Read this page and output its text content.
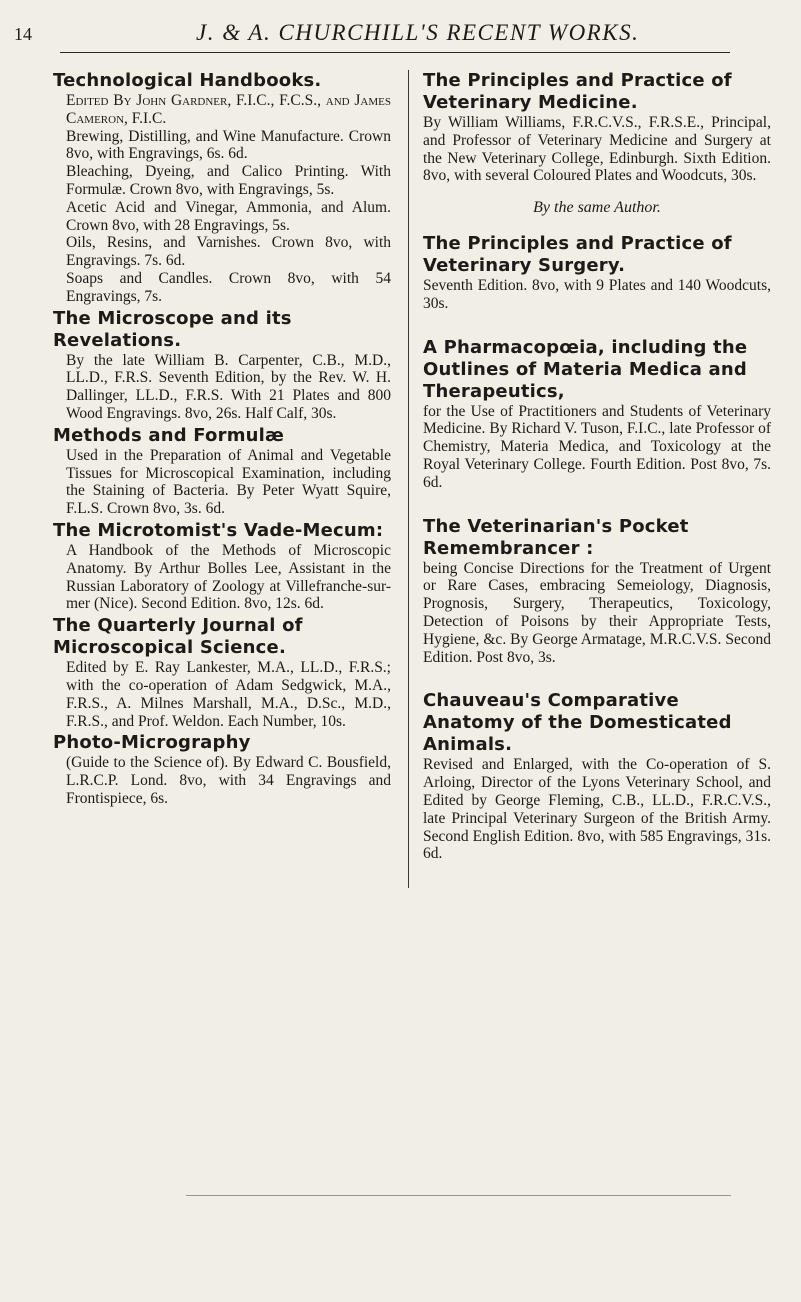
14	J. & A. CHURCHILL'S RECENT WORKS.
Technological Handbooks.

Edited By John Gardner, F.I.C., F.C.S., and James Cameron, F.I.C.

Brewing, Distilling, and Wine Manufacture. Crown 8vo, with Engravings, 6s. 6d.

Bleaching, Dyeing, and Calico Printing. With Formulæ. Crown 8vo, with Engravings, 5s.

Acetic Acid and Vinegar, Ammonia, and Alum. Crown 8vo, with 28 Engravings, 5s.

Oils, Resins, and Varnishes. Crown 8vo, with Engravings. 7s. 6d.

Soaps and Candles. Crown 8vo, with 54 Engravings, 7s.

The Microscope and its Revelations.

By the late William B. Carpenter, C.B., M.D., LL.D., F.R.S. Seventh Edition, by the Rev. W. H. Dallinger, LL.D., F.R.S. With 21 Plates and 800 Wood Engravings. 8vo, 26s. Half Calf, 30s.

Methods and Formulæ

Used in the Preparation of Animal and Vegetable Tissues for Microscopical Examination, including the Staining of Bacteria. By Peter Wyatt Squire, F.L.S. Crown 8vo, 3s. 6d.

The Microtomist's Vade-Mecum:

A Handbook of the Methods of Microscopic Anatomy. By Arthur Bolles Lee, Assistant in the Russian Laboratory of Zoology at Villefranche-sur-mer (Nice). Second Edition. 8vo, 12s. 6d.

The Quarterly Journal of Microscopical Science.

Edited by E. Ray Lankester, M.A., LL.D., F.R.S.; with the co-operation of Adam Sedgwick, M.A., F.R.S., A. Milnes Marshall, M.A., D.Sc., M.D., F.R.S., and Prof. Weldon. Each Number, 10s.

Photo-Micrography

(Guide to the Science of). By Edward C. Bousfield, L.R.C.P. Lond. 8vo, with 34 Engravings and Frontispiece, 6s.

The Principles and Practice of Veterinary Medicine.

By William Williams, F.R.C.V.S., F.R.S.E., Principal, and Professor of Veterinary Medicine and Surgery at the New Veterinary College, Edinburgh. Sixth Edition. 8vo, with several Coloured Plates and Woodcuts, 30s.

By the same Author.
The Principles and Practice of Veterinary Surgery.

Seventh Edition. 8vo, with 9 Plates and 140 Woodcuts, 30s.

A Pharmacopœia, including the Outlines of Materia Medica and Therapeutics,

for the Use of Practitioners and Students of Veterinary Medicine. By Richard V. Tuson, F.I.C., late Professor of Chemistry, Materia Medica, and Toxicology at the Royal Veterinary College. Fourth Edition. Post 8vo, 7s. 6d.

The Veterinarian's Pocket Remembrancer :

being Concise Directions for the Treatment of Urgent or Rare Cases, embracing Semeiology, Diagnosis, Prognosis, Surgery, Therapeutics, Toxicology, Detection of Poisons by their Appropriate Tests, Hygiene, &c. By George Armatage, M.R.C.V.S. Second Edition. Post 8vo, 3s.

Chauveau's Comparative Anatomy of the Domesticated Animals.

Revised and Enlarged, with the Co-operation of S. Arloing, Director of the Lyons Veterinary School, and Edited by George Fleming, C.B., LL.D., F.R.C.V.S., late Principal Veterinary Surgeon of the British Army. Second English Edition. 8vo, with 585 Engravings, 31s. 6d.
